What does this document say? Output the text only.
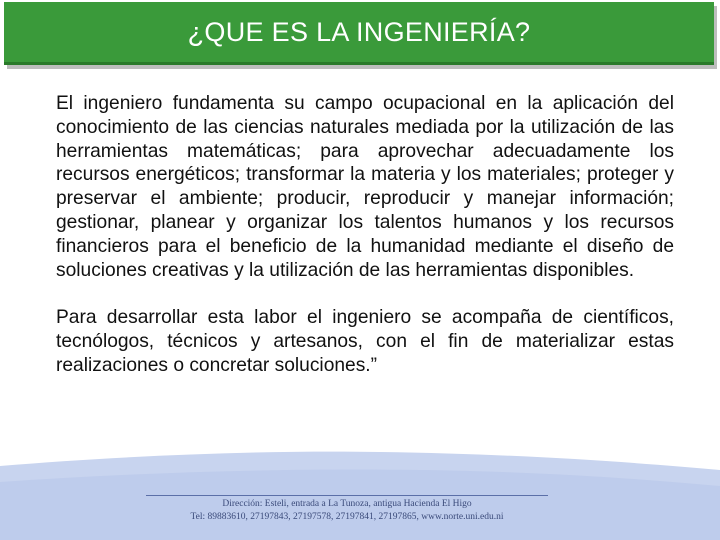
¿QUE ES LA INGENIERÍA?

El ingeniero fundamenta su campo ocupacional en la aplicación del conocimiento de las ciencias naturales mediada por la utilización de las herramientas matemáticas; para aprovechar adecuadamente los recursos energéticos; transformar la materia y los materiales; proteger y preservar el ambiente; producir, reproducir y manejar información; gestionar, planear y organizar los talentos humanos y los recursos financieros para el beneficio de la humanidad mediante el diseño de soluciones creativas y la utilización de las herramientas disponibles.

Para desarrollar esta labor el ingeniero se acompaña de científicos, tecnólogos, técnicos y artesanos, con el fin de materializar estas realizaciones o concretar soluciones.”

Dirección: Esteli, entrada a La Tunoza, antigua Hacienda El Higo
Tel: 89883610, 27197843, 27197578, 27197841, 27197865, www.norte.uni.edu.ni
